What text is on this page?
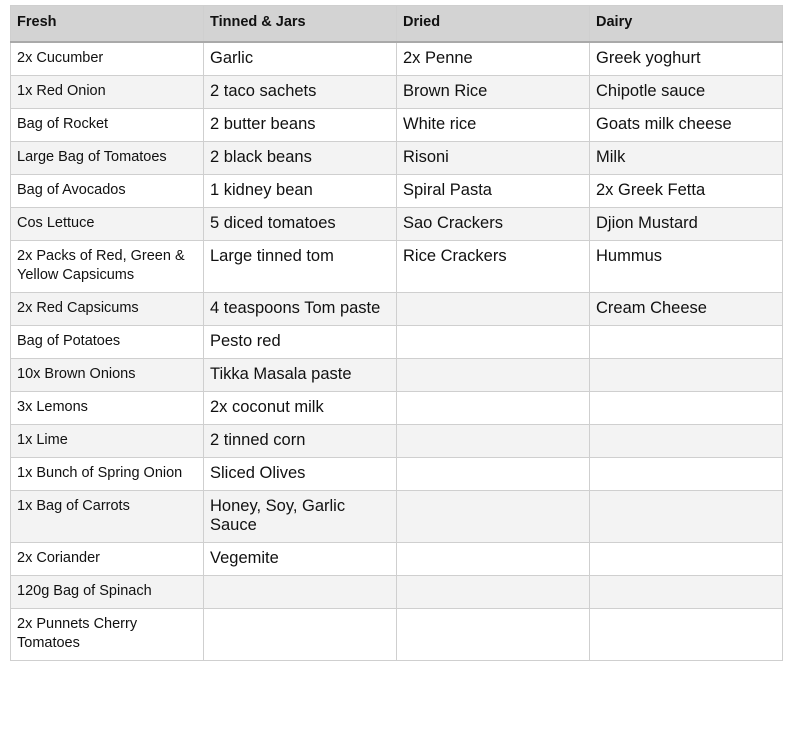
Fresh	Tinned & Jars	Dried	Dairy
2x Cucumber	Garlic	2x Penne	Greek yoghurt
1x Red Onion	2 taco sachets	Brown Rice	Chipotle sauce
Bag of Rocket	2 butter beans	White rice	Goats milk cheese
Large Bag of Tomatoes	2 black beans	Risoni	Milk
Bag of Avocados	1 kidney bean	Spiral Pasta	2x Greek Fetta
Cos Lettuce	5 diced tomatoes	Sao Crackers	Djion Mustard
2x Packs of Red, Green & Yellow Capsicums	Large tinned tom	Rice Crackers	Hummus
2x Red Capsicums	4 teaspoons Tom paste		Cream Cheese
Bag of Potatoes	Pesto red		
10x Brown Onions	Tikka Masala paste		
3x Lemons	2x coconut milk		
1x Lime	2 tinned corn		
1x Bunch of Spring Onion	Sliced Olives		
1x Bag of Carrots	Honey, Soy, Garlic Sauce		
2x Coriander	Vegemite		
120g Bag of Spinach			
2x Punnets Cherry Tomatoes			
